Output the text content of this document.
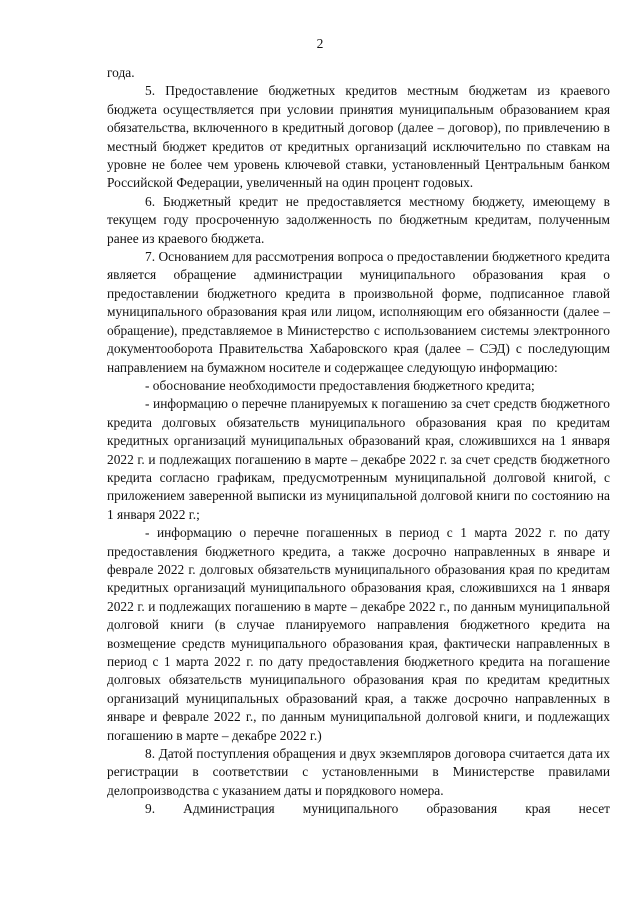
2

года.

5. Предоставление бюджетных кредитов местным бюджетам из краевого бюджета осуществляется при условии принятия муниципальным образованием края обязательства, включенного в кредитный договор (далее – договор), по привлечению в местный бюджет кредитов от кредитных организаций исключительно по ставкам на уровне не более чем уровень ключевой ставки, установленный Центральным банком Российской Федерации, увеличенный на один процент годовых.

6. Бюджетный кредит не предоставляется местному бюджету, имеющему в текущем году просроченную задолженность по бюджетным кредитам, полученным ранее из краевого бюджета.

7. Основанием для рассмотрения вопроса о предоставлении бюджетного кредита является обращение администрации муниципального образования края о предоставлении бюджетного кредита в произвольной форме, подписанное главой муниципального образования края или лицом, исполняющим его обязанности (далее – обращение), представляемое в Министерство с использованием системы электронного документооборота Правительства Хабаровского края (далее – СЭД) с последующим направлением на бумажном носителе и содержащее следующую информацию:

- обоснование необходимости предоставления бюджетного кредита;

- информацию о перечне планируемых к погашению за счет средств бюджетного кредита долговых обязательств муниципального образования края по кредитам кредитных организаций муниципальных образований края, сложившихся на 1 января 2022 г. и подлежащих погашению в марте – декабре 2022 г. за счет средств бюджетного кредита согласно графикам, предусмотренным муниципальной долговой книгой, с приложением заверенной выписки из муниципальной долговой книги по состоянию на 1 января 2022 г.;

- информацию о перечне погашенных в период с 1 марта 2022 г. по дату предоставления бюджетного кредита, а также досрочно направленных в январе и феврале 2022 г. долговых обязательств муниципального образования края по кредитам кредитных организаций муниципального образования края, сложившихся на 1 января 2022 г. и подлежащих погашению в марте – декабре 2022 г., по данным муниципальной долговой книги (в случае планируемого направления бюджетного кредита на возмещение средств муниципального образования края, фактически направленных в период с 1 марта 2022 г. по дату предоставления бюджетного кредита на погашение долговых обязательств муниципального образования края по кредитам кредитных организаций муниципальных образований края, а также досрочно направленных в январе и феврале 2022 г., по данным муниципальной долговой книги, и подлежащих погашению в марте – декабре 2022 г.)

8. Датой поступления обращения и двух экземпляров договора считается дата их регистрации в соответствии с установленными в Министерстве правилами делопроизводства с указанием даты и порядкового номера.

9. Администрация муниципального образования края несет
